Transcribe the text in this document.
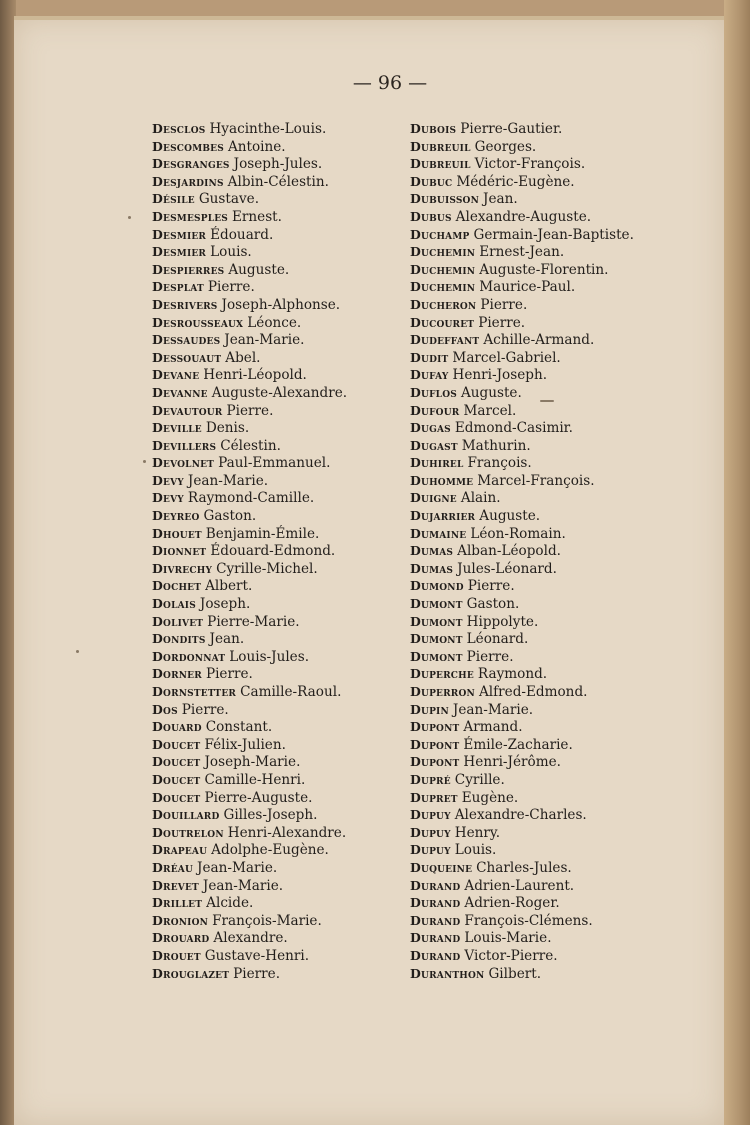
— 96 —
Desclos Hyacinthe-Louis.
Descombes Antoine.
Desgranges Joseph-Jules.
Desjardins Albin-Célestin.
Désile Gustave.
Desmesples Ernest.
Desmier Édouard.
Desmier Louis.
Despierres Auguste.
Desplat Pierre.
Desrivers Joseph-Alphonse.
Desrousseaux Léonce.
Dessaudes Jean-Marie.
Dessouaut Abel.
Devane Henri-Léopold.
Devanne Auguste-Alexandre.
Devautour Pierre.
Deville Denis.
Devillers Célestin.
Devolnet Paul-Emmanuel.
Devy Jean-Marie.
Devy Raymond-Camille.
Deyreo Gaston.
Dhouet Benjamin-Émile.
Dionnet Édouard-Edmond.
Divrechy Cyrille-Michel.
Dochet Albert.
Dolais Joseph.
Dolivet Pierre-Marie.
Dondits Jean.
Dordonnat Louis-Jules.
Dorner Pierre.
Dornstetter Camille-Raoul.
Dos Pierre.
Douard Constant.
Doucet Félix-Julien.
Doucet Joseph-Marie.
Doucet Camille-Henri.
Doucet Pierre-Auguste.
Douillard Gilles-Joseph.
Doutrelon Henri-Alexandre.
Drapeau Adolphe-Eugène.
Dréau Jean-Marie.
Drevet Jean-Marie.
Drillet Alcide.
Dronion François-Marie.
Drouard Alexandre.
Drouet Gustave-Henri.
Drouglazet Pierre.
Dubois Pierre-Gautier.
Dubreuil Georges.
Dubreuil Victor-François.
Dubuc Médéric-Eugène.
Dubuisson Jean.
Dubus Alexandre-Auguste.
Duchamp Germain-Jean-Baptiste.
Duchemin Ernest-Jean.
Duchemin Auguste-Florentin.
Duchemin Maurice-Paul.
Ducheron Pierre.
Ducouret Pierre.
Dudeffant Achille-Armand.
Dudit Marcel-Gabriel.
Dufay Henri-Joseph.
Duflos Auguste.
Dufour Marcel.
Dugas Edmond-Casimir.
Dugast Mathurin.
Duhirel François.
Duhomme Marcel-François.
Duigne Alain.
Dujarrier Auguste.
Dumaine Léon-Romain.
Dumas Alban-Léopold.
Dumas Jules-Léonard.
Dumond Pierre.
Dumont Gaston.
Dumont Hippolyte.
Dumont Léonard.
Dumont Pierre.
Duperche Raymond.
Duperron Alfred-Edmond.
Dupin Jean-Marie.
Dupont Armand.
Dupont Émile-Zacharie.
Dupont Henri-Jérôme.
Dupré Cyrille.
Dupret Eugène.
Dupuy Alexandre-Charles.
Dupuy Henry.
Dupuy Louis.
Duqueine Charles-Jules.
Durand Adrien-Laurent.
Durand Adrien-Roger.
Durand François-Clémens.
Durand Louis-Marie.
Durand Victor-Pierre.
Duranthon Gilbert.
